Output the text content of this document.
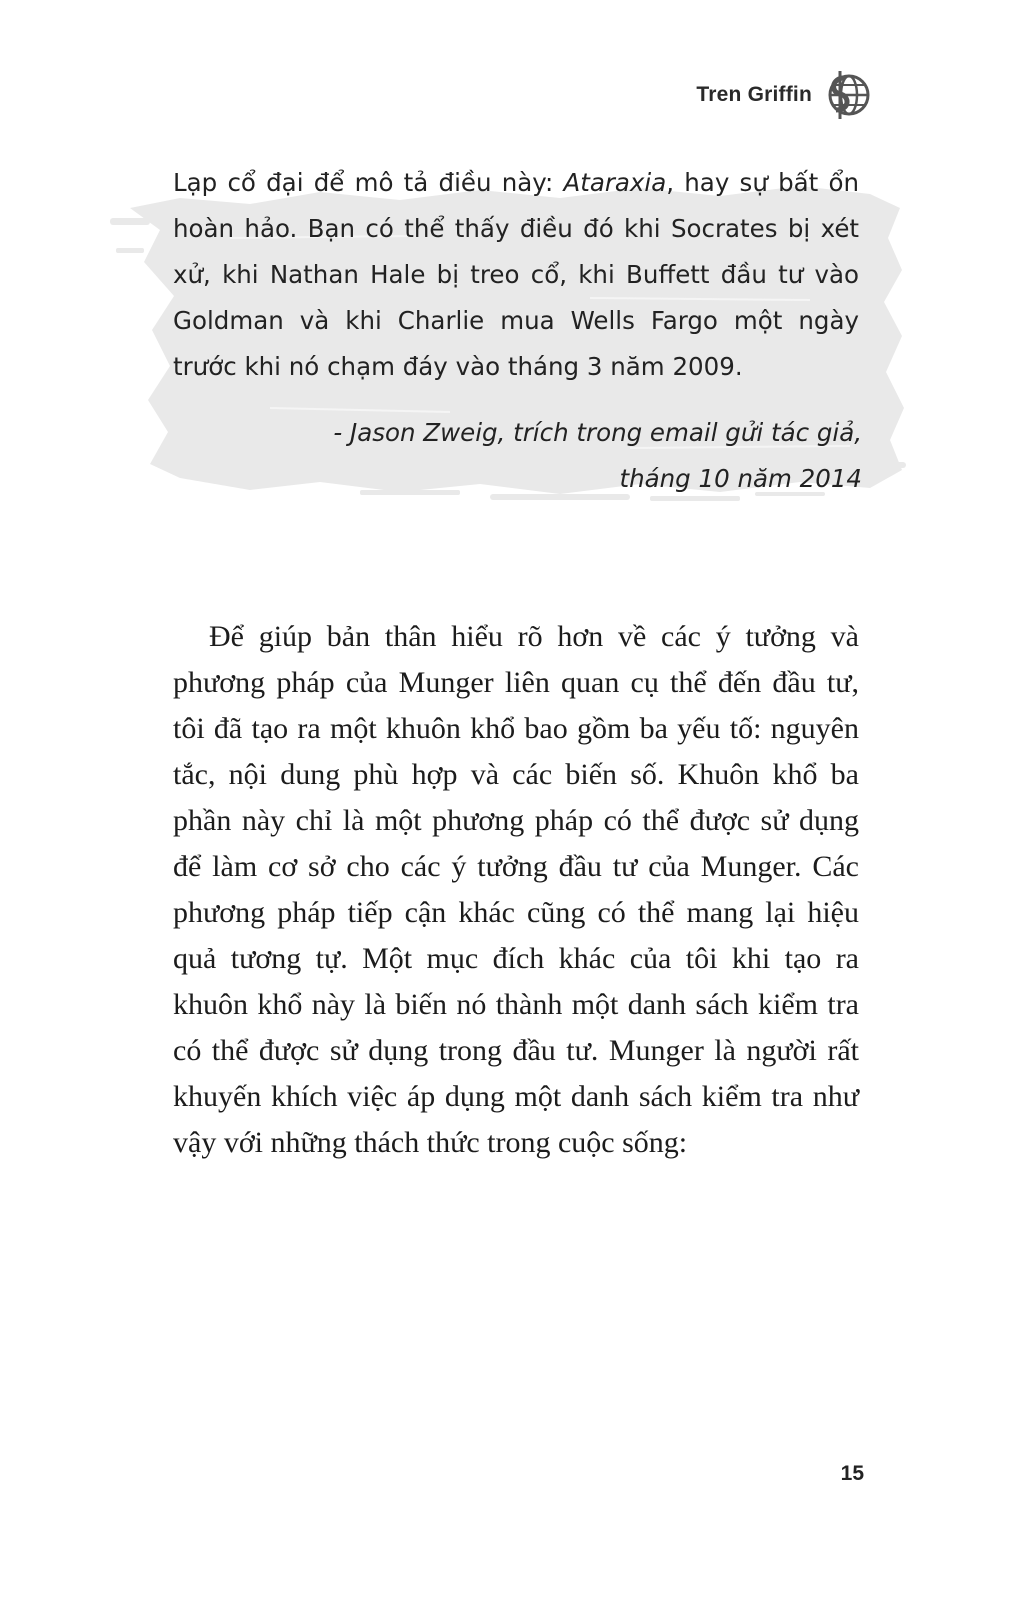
Tren Griffin

Lạp cổ đại để mô tả điều này: Ataraxia, hay sự bất ổn hoàn hảo. Bạn có thể thấy điều đó khi Socrates bị xét xử, khi Nathan Hale bị treo cổ, khi Buffett đầu tư vào Goldman và khi Charlie mua Wells Fargo một ngày trước khi nó chạm đáy vào tháng 3 năm 2009.

- Jason Zweig, trích trong email gửi tác giả,
tháng 10 năm 2014

Để giúp bản thân hiểu rõ hơn về các ý tưởng và phương pháp của Munger liên quan cụ thể đến đầu tư, tôi đã tạo ra một khuôn khổ bao gồm ba yếu tố: nguyên tắc, nội dung phù hợp và các biến số. Khuôn khổ ba phần này chỉ là một phương pháp có thể được sử dụng để làm cơ sở cho các ý tưởng đầu tư của Munger. Các phương pháp tiếp cận khác cũng có thể mang lại hiệu quả tương tự. Một mục đích khác của tôi khi tạo ra khuôn khổ này là biến nó thành một danh sách kiểm tra có thể được sử dụng trong đầu tư. Munger là người rất khuyến khích việc áp dụng một danh sách kiểm tra như vậy với những thách thức trong cuộc sống:

15
